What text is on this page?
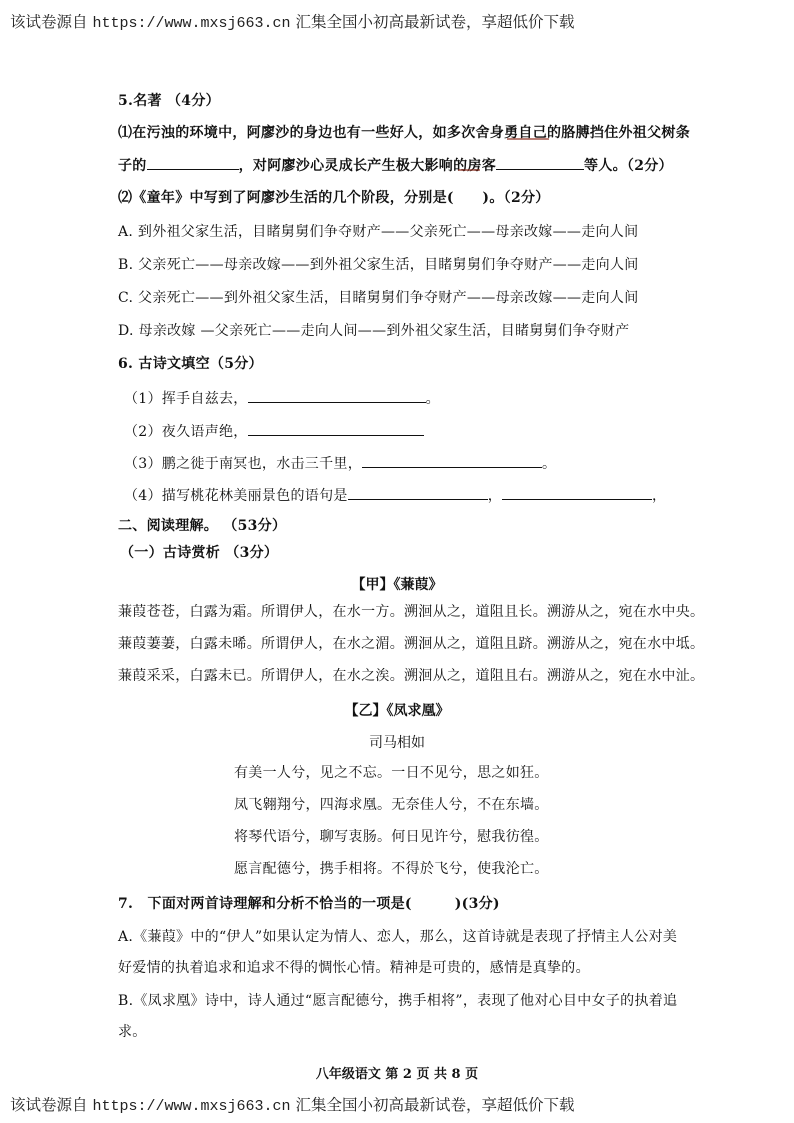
该试卷源自 https://www.mxsj663.cn 汇集全国小初高最新试卷，享超低价下载
5.名著 （4分）
⑴在污浊的环境中，阿廖沙的身边也有一些好人，如多次舍身勇自己的胳膊挡住外祖父树条
子的	，对阿廖沙心灵成长产生极大影响的房客	等人。（2分）
⑵《童年》中写到了阿廖沙生活的几个阶段，分别是(　　)。（2分）
A. 到外祖父家生活，目睹舅舅们争夺财产——父亲死亡——母亲改嫁——走向人间
B. 父亲死亡——母亲改嫁——到外祖父家生活，目睹舅舅们争夺财产——走向人间
C. 父亲死亡——到外祖父家生活，目睹舅舅们争夺财产——母亲改嫁——走向人间
D. 母亲改嫁 —父亲死亡——走向人间——到外祖父家生活，目睹舅舅们争夺财产
6. 古诗文填空（5分）
（1）挥手自兹去，	。
（2）夜久语声绝，
（3）鹏之徙于南冥也，水击三千里，	。
（4）描写桃花林美丽景色的语句是	，	，
二、阅读理解。 （53分）
（一）古诗赏析 （3分）
【甲】《蒹葭》
蒹葭苍苍，白露为霜。所谓伊人，在水一方。溯洄从之，道阻且长。溯游从之，宛在水中央。
蒹葭萋萋，白露未晞。所谓伊人，在水之湄。溯洄从之，道阻且跻。溯游从之，宛在水中坻。
蒹葭采采，白露未已。所谓伊人，在水之涘。溯洄从之，道阻且右。溯游从之，宛在水中沚。
【乙】《凤求凰》
司马相如
有美一人兮，见之不忘。一日不见兮，思之如狂。
凤飞翱翔兮，四海求凰。无奈佳人兮，不在东墙。
将琴代语兮，聊写衷肠。何日见许兮，慰我彷徨。
愿言配德兮，携手相将。不得於飞兮，使我沦亡。
7.　下面对两首诗理解和分析不恰当的一项是(　　　)(3分)
A.《蒹葭》中的“伊人”如果认定为情人、恋人，那么，这首诗就是表现了抒情主人公对美
好爱情的执着追求和追求不得的惆怅心情。精神是可贵的，感情是真挚的。
B.《凤求凰》诗中，诗人通过“愿言配德兮，携手相将”，表现了他对心目中女子的执着追
求。
八年级语文 第 2 页 共 8 页
该试卷源自 https://www.mxsj663.cn 汇集全国小初高最新试卷，享超低价下载
